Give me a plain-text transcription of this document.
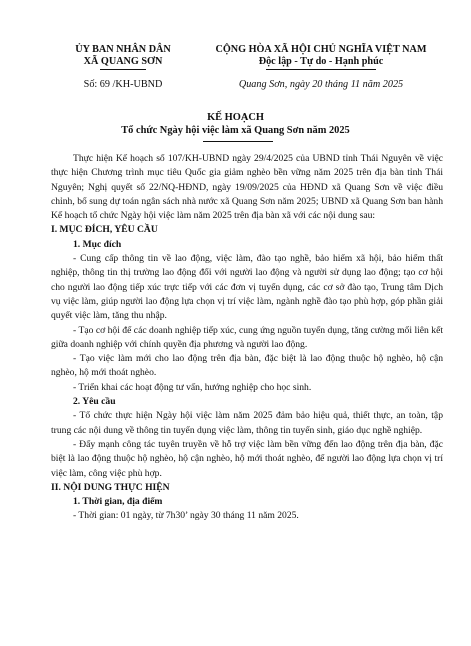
ỦY BAN NHÂN DÂN
XÃ QUANG SƠN
CỘNG HÒA XÃ HỘI CHỦ NGHĨA VIỆT NAM
Độc lập - Tự do - Hạnh phúc
Số: 69 /KH-UBND	Quang Sơn, ngày 20 tháng 11 năm 2025
KẾ HOẠCH
Tổ chức Ngày hội việc làm xã Quang Sơn năm 2025

Thực hiện Kế hoạch số 107/KH-UBND ngày 29/4/2025 của UBND tỉnh Thái Nguyên về việc thực hiện Chương trình mục tiêu Quốc gia giảm nghèo bền vững năm 2025 trên địa bàn tỉnh Thái Nguyên; Nghị quyết số 22/NQ-HĐND, ngày 19/09/2025 của HĐND xã Quang Sơn về việc điều chỉnh, bổ sung dự toán ngân sách nhà nước xã Quang Sơn năm 2025; UBND xã Quang Sơn ban hành Kế hoạch tổ chức Ngày hội việc làm năm 2025 trên địa bàn xã với các nội dung sau:

I. MỤC ĐÍCH, YÊU CẦU

1. Mục đích

- Cung cấp thông tin về lao động, việc làm, đào tạo nghề, bảo hiểm xã hội, bảo hiểm thất nghiệp, thông tin thị trường lao động đối với người lao động và người sử dụng lao động; tạo cơ hội cho người lao động tiếp xúc trực tiếp với các đơn vị tuyển dụng, các cơ sở đào tạo, Trung tâm Dịch vụ việc làm, giúp người lao động lựa chọn vị trí việc làm, ngành nghề đào tạo phù hợp, góp phần giải quyết việc làm, tăng thu nhập.

- Tạo cơ hội để các doanh nghiệp tiếp xúc, cung ứng nguồn tuyển dụng, tăng cường mối liên kết giữa doanh nghiệp với chính quyền địa phương và người lao động.

- Tạo việc làm mới cho lao động trên địa bàn, đặc biệt là lao động thuộc hộ nghèo, hộ cận nghèo, hộ mới thoát nghèo.

- Triển khai các hoạt động tư vấn, hướng nghiệp cho học sinh.

2. Yêu cầu

- Tổ chức thực hiện Ngày hội việc làm năm 2025 đảm bảo hiệu quả, thiết thực, an toàn, tập trung các nội dung về thông tin tuyển dụng việc làm, thông tin tuyển sinh, giáo dục nghề nghiệp.

- Đẩy mạnh công tác tuyên truyền về hỗ trợ việc làm bền vững đến lao động trên địa bàn, đặc biệt là lao động thuộc hộ nghèo, hộ cận nghèo, hộ mới thoát nghèo, để người lao động lựa chọn vị trí việc làm, công việc phù hợp.

II. NỘI DUNG THỰC HIỆN

1. Thời gian, địa điểm

- Thời gian: 01 ngày, từ 7h30’ ngày 30 tháng 11 năm 2025.
